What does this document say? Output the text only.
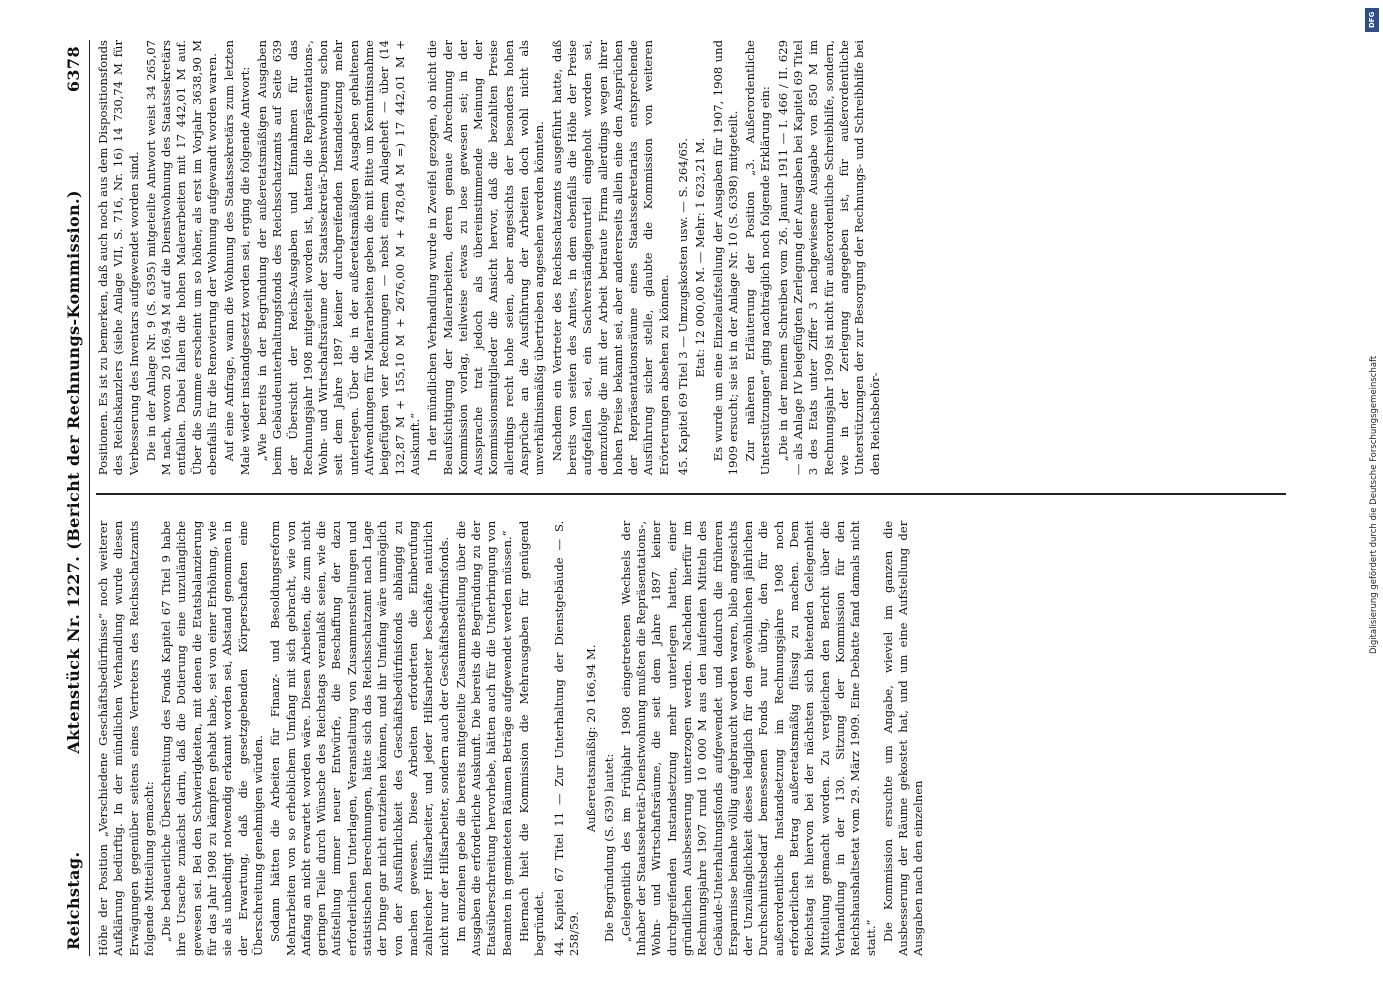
Reichstag.
Aktenstück Nr. 1227. (Bericht der Rechnungs-Kommission.)
6378

Höhe der Position „Verschiedene Geschäftsbedürfnisse“ noch weiterer Aufklärung bedürftig. In der mündlichen Verhandlung wurde diesen Erwägungen gegenüber seitens eines Vertreters des Reichsschatzamts folgende Mitteilung gemacht: „Die bedauerliche Überschreitung des Fonds Kapitel 67 Titel 9 habe ihre Ursache zunächst darin, daß die Dotierung eine unzulängliche gewesen sei. Bei den Schwierigkeiten, mit denen die Etatsbalanzierung für das Jahr 1908 zu kämpfen gehabt habe, sei von einer Erhöhung, wie sie als unbedingt notwendig erkannt worden sei, Abstand genommen in der Erwartung, daß die gesetzgebenden Körperschaften eine Überschreitung genehmigen würden. Sodann hätten die Arbeiten für Finanz- und Besoldungsreform Mehrarbeiten von so erheblichem Umfang mit sich gebracht, wie von Anfang an nicht erwartet worden wäre. Diesen Arbeiten, die zum nicht geringen Teile durch Wünsche des Reichstags veranlaßt seien, wie die Aufstellung immer neuer Entwürfe, die Beschaffung der dazu erforderlichen Unterlagen, Veranstaltung von Zusammenstellungen und statistischen Berechnungen, hätte sich das Reichsschatzamt nach Lage der Dinge gar nicht entziehen können, und ihr Umfang wäre unmöglich von der Ausführlichkeit des Geschäftsbedürfnisfonds abhängig zu machen gewesen. Diese Arbeiten erforderten die Einberufung zahlreicher Hilfsarbeiter, und jeder Hilfsarbeiter beschäfte natürlich nicht nur der Hilfsarbeiter, sondern auch der Geschäftsbedürfnisfonds. Im einzelnen gebe die bereits mitgeteilte Zusammenstellung über die Ausgaben die erforderliche Auskunft. Die bereits die Begründung zu der Etatsüberschreitung hervorhebe, hätten auch für die Unterbringung von Beamten in gemieteten Räumen Beträge aufgewendet werden müssen.“ Hiernach hielt die Kommission die Mehrausgaben für genügend begründet. 44. Kapitel 67 Titel 11 — Zur Unterhaltung der Dienstgebäude — S. 258/59.

Außeretatsmäßig: 20 166,94 M.

Die Begründung (S. 639) lautet: „Gelegentlich des im Frühjahr 1908 eingetretenen Wechsels der Inhaber der Staatssekretär-Dienstwohnung mußten die Repräsentations-, Wohn- und Wirtschaftsräume, die seit dem Jahre 1897 keiner durchgreifenden Instandsetzung mehr unterlegen hatten, einer gründlichen Ausbesserung unterzogen werden. Nachdem hierfür im Rechnungsjahre 1907 rund 10 000 M aus den laufenden Mitteln des Gebäude-Unterhaltungsfonds aufgewendet und dadurch die früheren Ersparnisse beinahe völlig aufgebraucht worden waren, blieb angesichts der Unzulänglichkeit dieses lediglich für den gewöhnlichen jährlichen Durchschnittsbedarf bemessenen Fonds nur übrig, den für die außerordentliche Instandsetzung im Rechnungsjahre 1908 noch erforderlichen Betrag außeretatsmäßig flüssig zu machen. Dem Reichstag ist hiervon bei der nächsten sich bietenden Gelegenheit Mitteilung gemacht worden. Zu vergleichen den Bericht über die Verhandlung in der 130. Sitzung der Kommission für den Reichshaushaltsetat vom 29. März 1909. Eine Debatte fand damals nicht statt.“ Die Kommission ersuchte um Angabe, wieviel im ganzen die Ausbesserung der Räume gekostet hat, und um eine Aufstellung der Ausgaben nach den einzelnen

Positionen. Es ist zu bemerken, daß auch noch aus dem Dispositionsfonds des Reichskanzlers (siehe Anlage VII, S. 716, Nr. 16) 14 730,74 M für Verbesserung des Inventars aufgewendet worden sind. Die in der Anlage Nr. 9 (S. 6395) mitgeteilte Antwort weist 34 265,07 M nach, wovon 20 166,94 M auf die Dienstwohnung des Staatssekretärs entfallen. Dabei fallen die hohen Malerarbeiten mit 17 442,01 M auf. Über die Summe erscheint um so höher, als erst im Vorjahr 3638,90 M ebenfalls für die Renovierung der Wohnung aufgewandt worden waren. Auf eine Anfrage, wann die Wohnung des Staatssekretärs zum letzten Male wieder instandgesetzt worden sei, erging die folgende Antwort: „Wie bereits in der Begründung der außeretatsmäßigen Ausgaben beim Gebäudeunterhaltungsfonds des Reichsschatzamts auf Seite 639 der Übersicht der Reichs-Ausgaben und Einnahmen für das Rechnungsjahr 1908 mitgeteilt worden ist, hatten die Repräsentations-, Wohn- und Wirtschaftsräume der Staatssekretär-Dienstwohnung schon seit dem Jahre 1897 keiner durchgreifenden Instandsetzung mehr unterlegen. Über die in der außeretatsmäßigen Ausgaben gehaltenen Aufwendungen für Malerarbeiten geben die mit Bitte um Kenntnisnahme beigefügten vier Rechnungen — nebst einem Anlageheft — über (14 132,87 M + 155,10 M + 2676,00 M + 478,04 M =) 17 442,01 M + Auskunft.“ In der mündlichen Verhandlung wurde in Zweifel gezogen, ob nicht die Beaufsichtigung der Malerarbeiten, deren genaue Abrechnung der Kommission vorlag, teilweise etwas zu lose gewesen sei; in der Aussprache trat jedoch als übereinstimmende Meinung der Kommissionsmitglieder die Ansicht hervor, daß die bezahlten Preise allerdings recht hohe seien, aber angesichts der besonders hohen Ansprüche an die Ausführung der Arbeiten doch wohl nicht als unverhältnismäßig übertrieben angesehen werden könnten. Nachdem ein Vertreter des Reichsschatzamts ausgeführt hatte, daß bereits von seiten des Amtes, in dem ebenfalls die Höhe der Preise aufgefallen sei, ein Sachverständigenurteil eingeholt worden sei, demzufolge die mit der Arbeit betraute Firma allerdings wegen ihrer hohen Preise bekannt sei, aber andererseits allein eine den Ansprüchen der Repräsentationsräume eines Staatssekretariats entsprechende Ausführung sicher stelle, glaubte die Kommission von weiteren Erörterungen absehen zu können. 45. Kapitel 69 Titel 3 — Umzugskosten usw. — S. 264/65. Etat: 12 000,00 M. — Mehr: 1 623,21 M. Es wurde um eine Einzelaufstellung der Ausgaben für 1907, 1908 und 1909 ersucht; sie ist in der Anlage Nr. 10 (S. 6398) mitgeteilt. Zur näheren Erläuterung der Position „3. Außerordentliche Unterstützungen“ ging nachträglich noch folgende Erklärung ein: „Die in der meinem Schreiben vom 26. Januar 1911 — I. 466 / II. 629 — als Anlage IV beigefügten Zerlegung der Ausgaben bei Kapitel 69 Titel 3 des Etats unter Ziffer 3 nachgewiesene Ausgabe von 850 M im Rechnungsjahr 1909 ist nicht für außerordentliche Schreibhilfe, sondern, wie in der Zerlegung angegeben ist, für außerordentliche Unterstützungen der zur Besorgung der Rechnungs- und Schreibhilfe bei den Reichsbehör-

DFG
Digitalisierung gefördert durch die Deutsche Forschungsgemeinschaft
